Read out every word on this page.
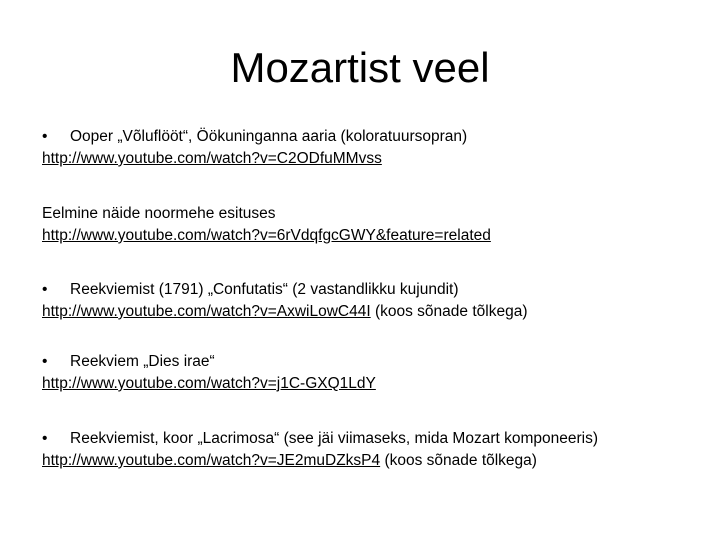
Mozartist veel
• Ooper „Võluflööt“, Öökuninganna aaria (koloratuursopran)
http://www.youtube.com/watch?v=C2ODfuMMvss
Eelmine näide noormehe esituses
http://www.youtube.com/watch?v=6rVdqfgcGWY&feature=related
• Reekviemist (1791) „Confutatis“ (2 vastandlikku kujundit)
http://www.youtube.com/watch?v=AxwiLowC44I (koos sõnade tõlkega)
• Reekviem „Dies irae“
http://www.youtube.com/watch?v=j1C-GXQ1LdY
• Reekviemist, koor „Lacrimosa“ (see jäi viimaseks, mida Mozart komponeeris)
http://www.youtube.com/watch?v=JE2muDZksP4 (koos sõnade tõlkega)
